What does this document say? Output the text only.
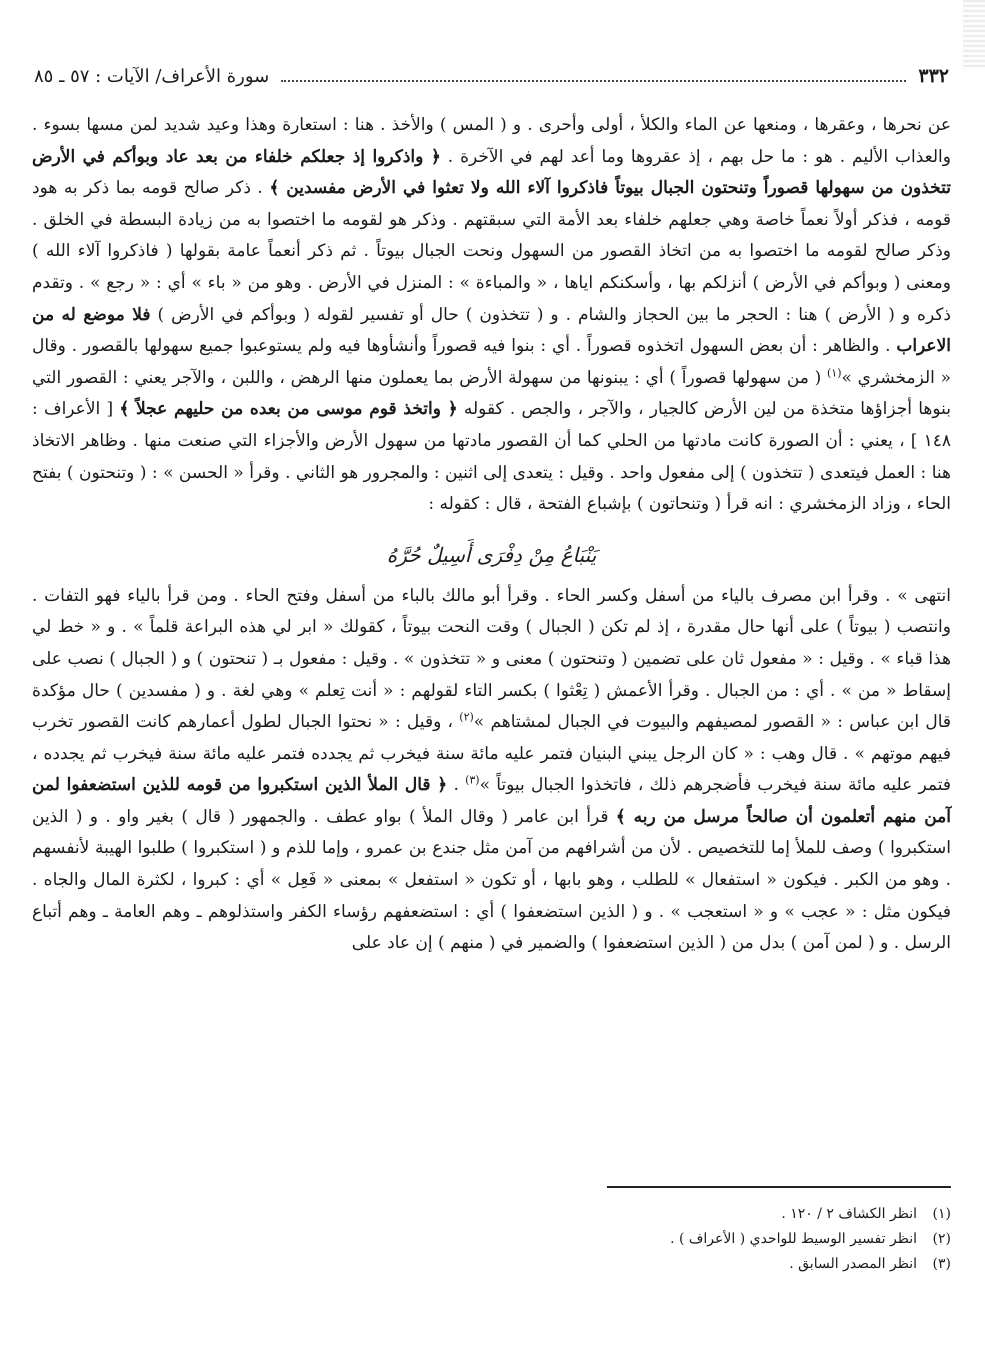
٣٣٢
سورة الأعراف/ الآيات : ٥٧ ـ ٨٥

عن نحرها ، وعقرها ، ومنعها عن الماء والكلأ ، أولى وأحرى . و ( المس ) والأخذ . هنا : استعارة وهذا وعيد شديد لمن مسها بسوء . والعذاب الأليم . هو : ما حل بهم ، إذ عقروها وما أعد لهم في الآخرة . ﴿ واذكروا إذ جعلكم خلفاء من بعد عاد وبوأكم في الأرض تتخذون من سهولها قصوراً وتنحتون الجبال بيوتاً فاذكروا آلاء الله ولا تعثوا في الأرض مفسدين ﴾ . ذكر صالح قومه بما ذكر به هود قومه ، فذكر أولاً نعماً خاصة وهي جعلهم خلفاء بعد الأمة التي سبقتهم . وذكر هو لقومه ما اختصوا به من زيادة البسطة في الخلق . وذكر صالح لقومه ما اختصوا به من اتخاذ القصور من السهول ونحت الجبال بيوتاً . ثم ذكر أنعماً عامة بقولها ( فاذكروا آلاء الله ) ومعنى ( وبوأكم في الأرض ) أنزلكم بها ، وأسكنكم اياها ، « والمباءة » : المنزل في الأرض . وهو من « باء » أي : « رجع » . وتقدم ذكره و ( الأرض ) هنا : الحجر ما بين الحجاز والشام . و ( تتخذون ) حال أو تفسير لقوله ( وبوأكم في الأرض ) فلا موضع له من الاعراب . والظاهر : أن بعض السهول اتخذوه قصوراً . أي : بنوا فيه قصوراً وأنشأوها فيه ولم يستوعبوا جميع سهولها بالقصور . وقال « الزمخشري »$^{(١)}$ ( من سهولها قصوراً ) أي : يبنونها من سهولة الأرض بما يعملون منها الرهض ، واللبن ، والآجر يعني : القصور التي بنوها أجزاؤها متخذة من لين الأرض كالجيار ، والآجر ، والجص . كقوله ﴿ واتخذ قوم موسى من بعده من حليهم عجلاً ﴾ [ الأعراف : ١٤٨ ] ، يعني : أن الصورة كانت مادتها من الحلي كما أن القصور مادتها من سهول الأرض والأجزاء التي صنعت منها . وظاهر الاتخاذ هنا : العمل فيتعدى ( تتخذون ) إلى مفعول واحد . وقيل : يتعدى إلى اثنين : والمجرور هو الثاني . وقرأ « الحسن » : ( وتنحتون ) بفتح الحاء ، وزاد الزمخشري : انه قرأ ( وتنحاتون ) بإشباع الفتحة ، قال : كقوله :

يَنْبَاعُ مِنْ دِفْرَى أَسِيلٌ حُرَّهُ

انتهى » . وقرأ ابن مصرف بالياء من أسفل وكسر الحاء . وقرأ أبو مالك بالباء من أسفل وفتح الحاء . ومن قرأ بالياء فهو التفات . وانتصب ( بيوتاً ) على أنها حال مقدرة ، إذ لم تكن ( الجبال ) وقت النحت بيوتاً ، كقولك « ابر لي هذه البراعة قلماً » . و « خط لي هذا قباء » . وقيل : « مفعول ثان على تضمين ( وتنحتون ) معنى و « تتخذون » . وقيل : مفعول بـ ( تنحتون ) و ( الجبال ) نصب على إسقاط « من » . أي : من الجبال . وقرأ الأعمش ( تِعْثوا ) بكسر التاء لقولهم : « أنت تِعلم » وهي لغة . و ( مفسدين ) حال مؤكدة قال ابن عباس : « القصور لمصيفهم والبيوت في الجبال لمشتاهم »$^{(٢)}$ ، وقيل : « نحتوا الجبال لطول أعمارهم كانت القصور تخرب فيهم موتهم » . قال وهب : « كان الرجل يبني البنيان فتمر عليه مائة سنة فيخرب ثم يجدده فتمر عليه مائة سنة فيخرب ثم يجدده ، فتمر عليه مائة سنة فيخرب فأضجرهم ذلك ، فاتخذوا الجبال بيوتاً »$^{(٣)}$ . ﴿ قال الملأ الذين استكبروا من قومه للذين استضعفوا لمن آمن منهم أتعلمون أن صالحاً مرسل من ربه ﴾ قرأ ابن عامر ( وقال الملأ ) بواو عطف . والجمهور ( قال ) بغير واو . و ( الذين استكبروا ) وصف للملأ إما للتخصيص . لأن من أشرافهم من آمن مثل جندع بن عمرو ، وإما للذم و ( استكبروا ) طلبوا الهيبة لأنفسهم . وهو من الكبر . فيكون « استفعال » للطلب ، وهو بابها ، أو تكون « استفعل » بمعنى « فَعِل » أي : كبروا ، لكثرة المال والجاه . فيكون مثل : « عجب » و « استعجب » . و ( الذين استضعفوا ) أي : استضعفهم رؤساء الكفر واستذلوهم ـ وهم العامة ـ وهم أتباع الرسل . و ( لمن آمن ) بدل من ( الذين استضعفوا ) والضمير في ( منهم ) إن عاد على

(١)
انظر الكشاف ٢ / ١٢٠ .
(٢)
انظر تفسير الوسيط للواحدي ( الأعراف ) .
(٣)
انظر المصدر السابق .
